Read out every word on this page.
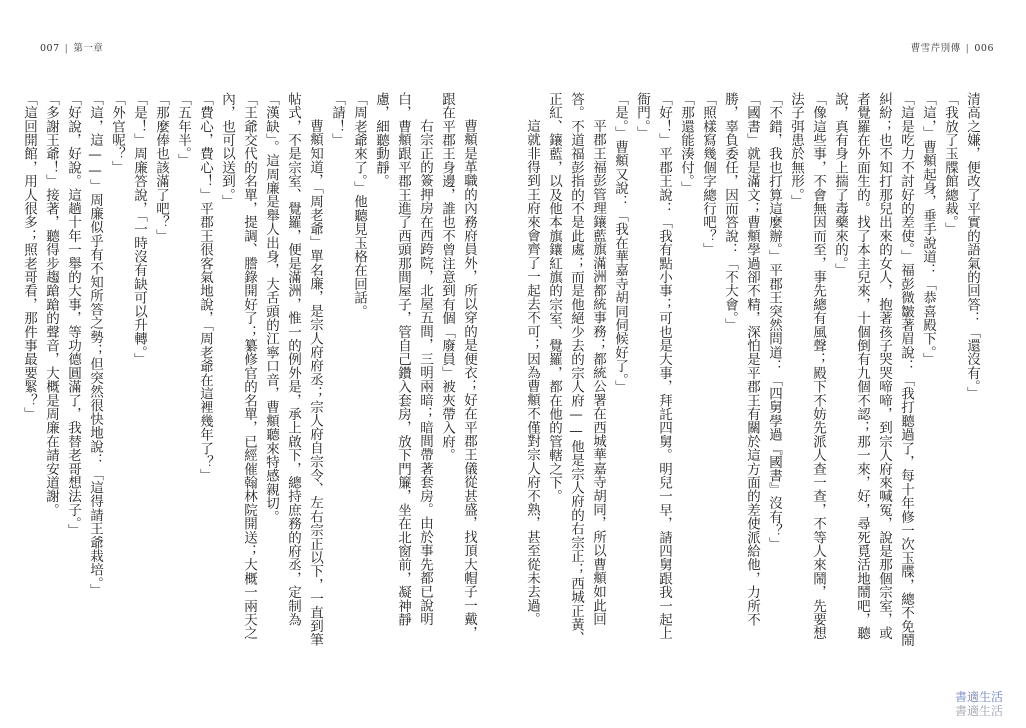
007 | 第一章

曹頫是革職的內務府員外，所以穿的是便衣；好在平郡王儀從甚盛，找頂大帽子一戴，跟在平郡王身邊，誰也不曾注意到有個「廢員」被夾帶入府。

右宗正的簽押房在西跨院，北屋五間，三明兩暗；暗間帶著套房。由於事先都已說明白，曹頫跟平郡王進了西頭那間屋子，管自己鑽入套房，放下門簾，坐在北窗前，凝神靜慮，細聽動靜。

「周老爺來了。」他聽見玉格在回話。

「請！」

曹頫知道，「周老爺」單名廉，是宗人府府丞；宗人府自宗令、左右宗正以下，一直到筆帖式，不是宗室、覺羅，便是滿洲，惟一的例外是，承上啟下，總持庶務的府丞，定制為「漢缺」。這周廉是舉人出身，大舌頭的江寧口音，曹頫聽來特感親切。

「王爺交代的名單，提調、謄錄開好了；纂修官的名單，已經催翰林院開送；大概一兩天之內，也可以送到。」

「費心，費心！」平郡王很客氣地說，「周老爺在這裡幾年了？」

「五年半。」

「那麼俸也該滿了吧？」

「是！」周廉答說，「一時沒有缺可以升轉。」

「外官呢？」

「這，這——」周廉似乎有不知所答之勢；但突然很快地說：「這得請王爺栽培。」

「好說，好說。這趟十年一舉的大事，等功德圓滿了，我替老哥想法子。」

「多謝王爺！」接著，聽得步趨蹌蹌的聲音，大概是周廉在請安道謝。

「這回開館，用人很多；照老哥看，那件事最要緊？」

曹雪芹別傳 | 006

清高之嫌，便改了平實的語氣的回答：「還沒有。」

「我放了玉牒館總裁。」

「這，」曹頫起身，垂手說道：「恭喜殿下。」

「這是吃力不討好的差使。」福彭微皺著眉說：「我打聽過了，每十年修一次玉牒，總不免鬧糾紛；也不知打那兒出來的女人，抱著孩子哭哭啼啼，到宗人府來喊冤，說是那個宗室，或者覺羅在外面生的。找了本主兒來，十個倒有九個不認；那一來，好，尋死覓活地鬧吧，聽說，真有身上揣了毒藥來的。」

「像這些事，不會無因而至，事先總有風聲；殿下不妨先派人查一查，不等人來鬧，先要想法子弭患於無形。」

「不錯，我也打算這麼辦。」平郡王突然問道：「四舅學過『國書』沒有？」

「國書」就是滿文；曹頫學過卻不精，深怕是平郡王有關於這方面的差使派給他，力所不勝，辜負委任，因而答說：「不大會。」

「照樣寫幾個字總行吧？」

「那還能湊付。」

「好！」平郡王說：「我有點小事；可也是大事，拜託四舅。明兒一早，請四舅跟我一起上衙門。」

「是。」曹頫又說：「我在華嘉寺胡同伺候好了。」

平郡王福彭管理鑲藍旗滿洲都統事務；都統公署在西城華嘉寺胡同，所以曹頫如此回答。不道福彭指的不是此處；而是他絕少去的宗人府——他是宗人府的右宗正；西城正黃、正紅、鑲藍，以及他本旗鑲紅旗的宗室、覺羅，都在他的管轄之下。

這就非得到王府來會齊了一起去不可；因為曹頫不僅對宗人府不熟，甚至從未去過。

書適生活
書適生活
